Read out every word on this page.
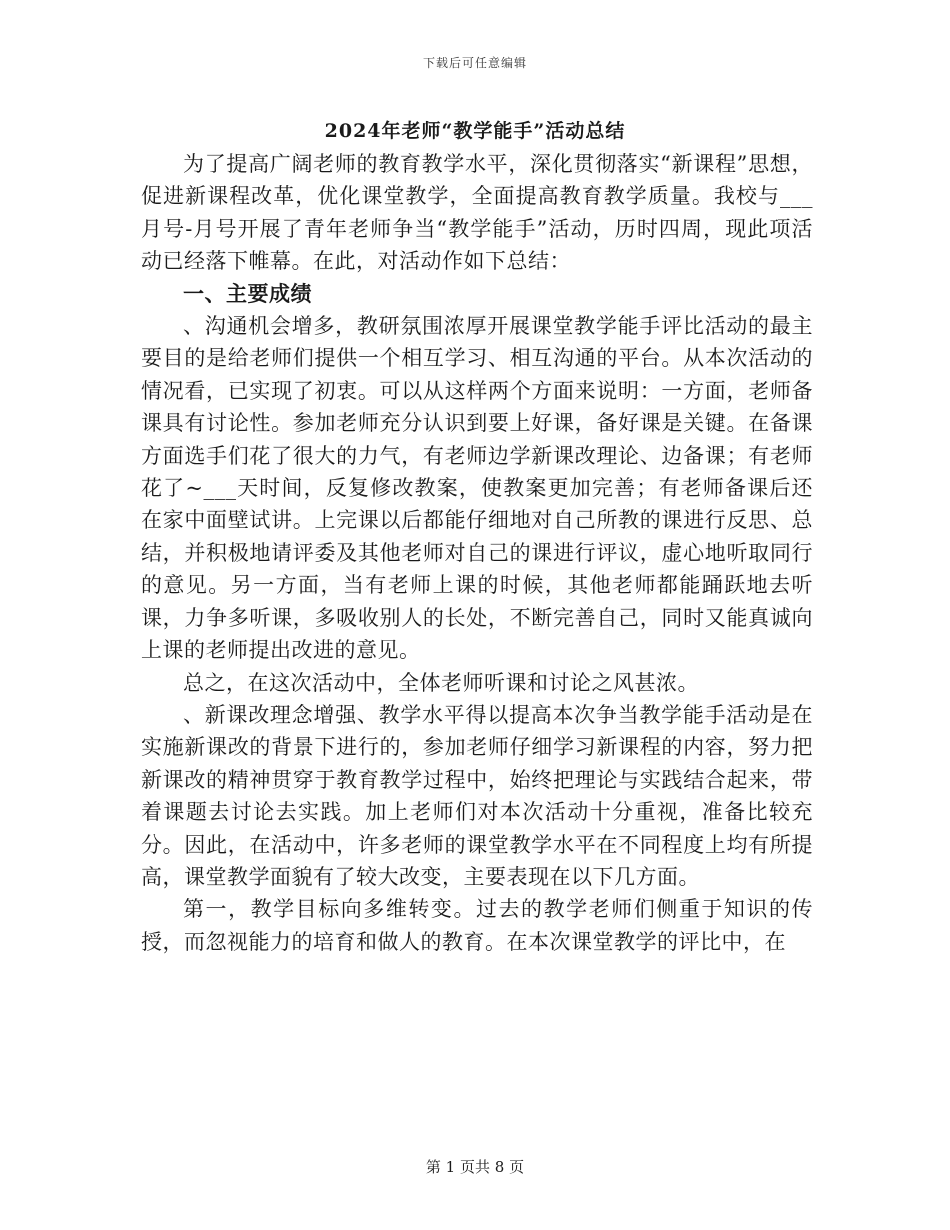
下载后可任意编辑
2024年老师“教学能手”活动总结

为了提高广阔老师的教育教学水平，深化贯彻落实“新课程”思想，促进新课程改革，优化课堂教学，全面提高教育教学质量。我校与___月号-月号开展了青年老师争当“教学能手”活动，历时四周，现此项活动已经落下帷幕。在此，对活动作如下总结：

一、主要成绩

、沟通机会增多，教研氛围浓厚开展课堂教学能手评比活动的最主要目的是给老师们提供一个相互学习、相互沟通的平台。从本次活动的情况看，已实现了初衷。可以从这样两个方面来说明：一方面，老师备课具有讨论性。参加老师充分认识到要上好课，备好课是关键。在备课方面选手们花了很大的力气，有老师边学新课改理论、边备课；有老师花了~___天时间，反复修改教案，使教案更加完善；有老师备课后还在家中面壁试讲。上完课以后都能仔细地对自己所教的课进行反思、总结，并积极地请评委及其他老师对自己的课进行评议，虚心地听取同行的意见。另一方面，当有老师上课的时候，其他老师都能踊跃地去听课，力争多听课，多吸收别人的长处，不断完善自己，同时又能真诚向上课的老师提出改进的意见。

总之，在这次活动中，全体老师听课和讨论之风甚浓。

、新课改理念增强、教学水平得以提高本次争当教学能手活动是在实施新课改的背景下进行的，参加老师仔细学习新课程的内容，努力把新课改的精神贯穿于教育教学过程中，始终把理论与实践结合起来，带着课题去讨论去实践。加上老师们对本次活动十分重视，准备比较充分。因此，在活动中，许多老师的课堂教学水平在不同程度上均有所提高，课堂教学面貌有了较大改变，主要表现在以下几方面。

第一，教学目标向多维转变。过去的教学老师们侧重于知识的传授，而忽视能力的培育和做人的教育。在本次课堂教学的评比中，在

第 1 页共 8 页
